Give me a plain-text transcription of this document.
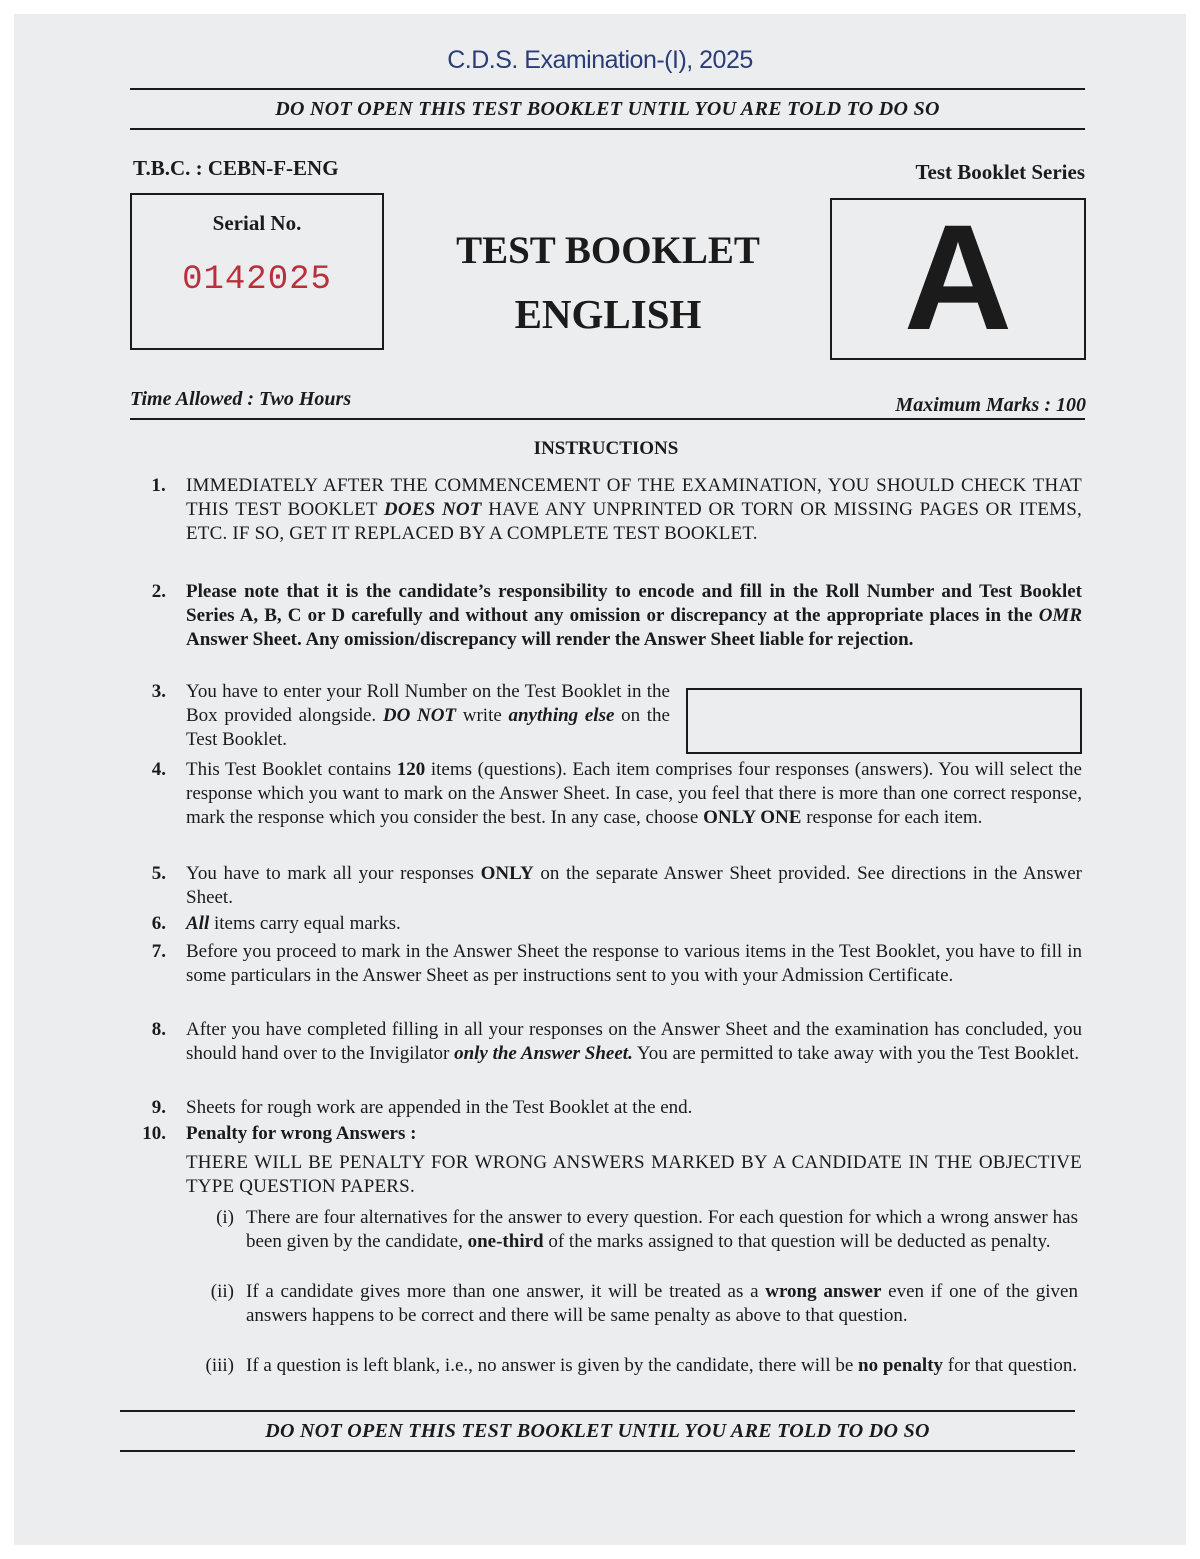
C.D.S. Examination-(I), 2025
DO NOT OPEN THIS TEST BOOKLET UNTIL YOU ARE TOLD TO DO SO
T.B.C. : CEBN-F-ENG	Test Booklet Series
Serial No.
0142025
TEST BOOKLET
ENGLISH	A
Time Allowed : Two Hours	Maximum Marks : 100
INSTRUCTIONS
1. IMMEDIATELY AFTER THE COMMENCEMENT OF THE EXAMINATION, YOU SHOULD CHECK THAT THIS TEST BOOKLET DOES NOT HAVE ANY UNPRINTED OR TORN OR MISSING PAGES OR ITEMS, ETC. IF SO, GET IT REPLACED BY A COMPLETE TEST BOOKLET.
2. Please note that it is the candidate’s responsibility to encode and fill in the Roll Number and Test Booklet Series A, B, C or D carefully and without any omission or discrepancy at the appropriate places in the OMR Answer Sheet. Any omission/discrepancy will render the Answer Sheet liable for rejection.
3. You have to enter your Roll Number on the Test Booklet in the Box provided alongside. DO NOT write anything else on the Test Booklet.
4. This Test Booklet contains 120 items (questions). Each item comprises four responses (answers). You will select the response which you want to mark on the Answer Sheet. In case, you feel that there is more than one correct response, mark the response which you consider the best. In any case, choose ONLY ONE response for each item.
5. You have to mark all your responses ONLY on the separate Answer Sheet provided. See directions in the Answer Sheet.
6. All items carry equal marks.
7. Before you proceed to mark in the Answer Sheet the response to various items in the Test Booklet, you have to fill in some particulars in the Answer Sheet as per instructions sent to you with your Admission Certificate.
8. After you have completed filling in all your responses on the Answer Sheet and the examination has concluded, you should hand over to the Invigilator only the Answer Sheet. You are permitted to take away with you the Test Booklet.
9. Sheets for rough work are appended in the Test Booklet at the end.
10. Penalty for wrong Answers :
THERE WILL BE PENALTY FOR WRONG ANSWERS MARKED BY A CANDIDATE IN THE OBJECTIVE TYPE QUESTION PAPERS.
(i) There are four alternatives for the answer to every question. For each question for which a wrong answer has been given by the candidate, one-third of the marks assigned to that question will be deducted as penalty.
(ii) If a candidate gives more than one answer, it will be treated as a wrong answer even if one of the given answers happens to be correct and there will be same penalty as above to that question.
(iii) If a question is left blank, i.e., no answer is given by the candidate, there will be no penalty for that question.
DO NOT OPEN THIS TEST BOOKLET UNTIL YOU ARE TOLD TO DO SO
